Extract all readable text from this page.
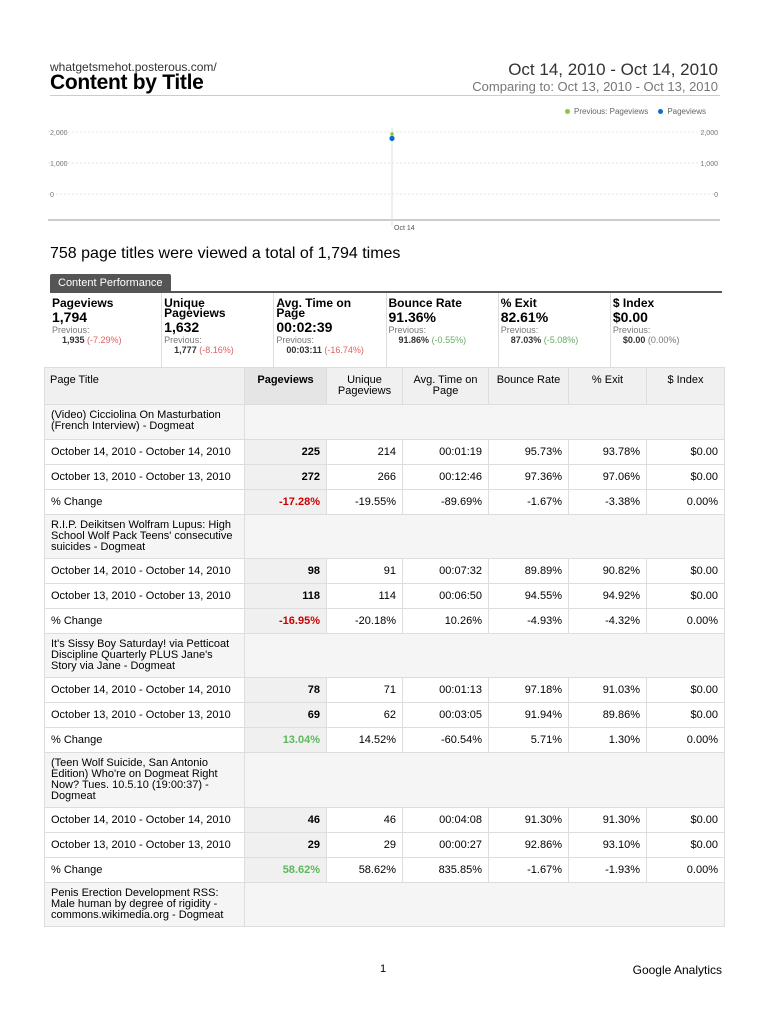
whatgetsmehot.posterous.com/
Content by Title
Oct 14, 2010 - Oct 14, 2010
Comparing to: Oct 13, 2010 - Oct 13, 2010
Previous: Pageviews Pageviews
2,000	2,000
1,000	1,000
0	0
Oct 14
758 page titles were viewed a total of 1,794 times
Content Performance
Pageviews
1,794
Previous:
1,935 (-7.29%)
Unique Pageviews
1,632
Previous:
1,777 (-8.16%)
Avg. Time on Page
00:02:39
Previous:
00:03:11 (-16.74%)
Bounce Rate
91.36%
Previous:
91.86% (-0.55%)
% Exit
82.61%
Previous:
87.03% (-5.08%)
$ Index
$0.00
Previous:
$0.00 (0.00%)
Page Title	Pageviews	Unique Pageviews	Avg. Time on Page	Bounce Rate	% Exit	$ Index
(Video) Cicciolina On Masturbation (French Interview) - Dogmeat						
October 14, 2010 - October 14, 2010	225	214	00:01:19	95.73%	93.78%	$0.00
October 13, 2010 - October 13, 2010	272	266	00:12:46	97.36%	97.06%	$0.00
% Change	-17.28%	-19.55%	-89.69%	-1.67%	-3.38%	0.00%
R.I.P. Deikitsen Wolfram Lupus: High School Wolf Pack Teens' consecutive suicides - Dogmeat						
October 14, 2010 - October 14, 2010	98	91	00:07:32	89.89%	90.82%	$0.00
October 13, 2010 - October 13, 2010	118	114	00:06:50	94.55%	94.92%	$0.00
% Change	-16.95%	-20.18%	10.26%	-4.93%	-4.32%	0.00%
It's Sissy Boy Saturday! via Petticoat Discipline Quarterly PLUS Jane's Story via Jane - Dogmeat						
October 14, 2010 - October 14, 2010	78	71	00:01:13	97.18%	91.03%	$0.00
October 13, 2010 - October 13, 2010	69	62	00:03:05	91.94%	89.86%	$0.00
% Change	13.04%	14.52%	-60.54%	5.71%	1.30%	0.00%
(Teen Wolf Suicide, San Antonio Edition) Who're on Dogmeat Right Now? Tues. 10.5.10 (19:00:37) - Dogmeat						
October 14, 2010 - October 14, 2010	46	46	00:04:08	91.30%	91.30%	$0.00
October 13, 2010 - October 13, 2010	29	29	00:00:27	92.86%	93.10%	$0.00
% Change	58.62%	58.62%	835.85%	-1.67%	-1.93%	0.00%
Penis Erection Development RSS: Male human by degree of rigidity - commons.wikimedia.org - Dogmeat						
1	Google Analytics
